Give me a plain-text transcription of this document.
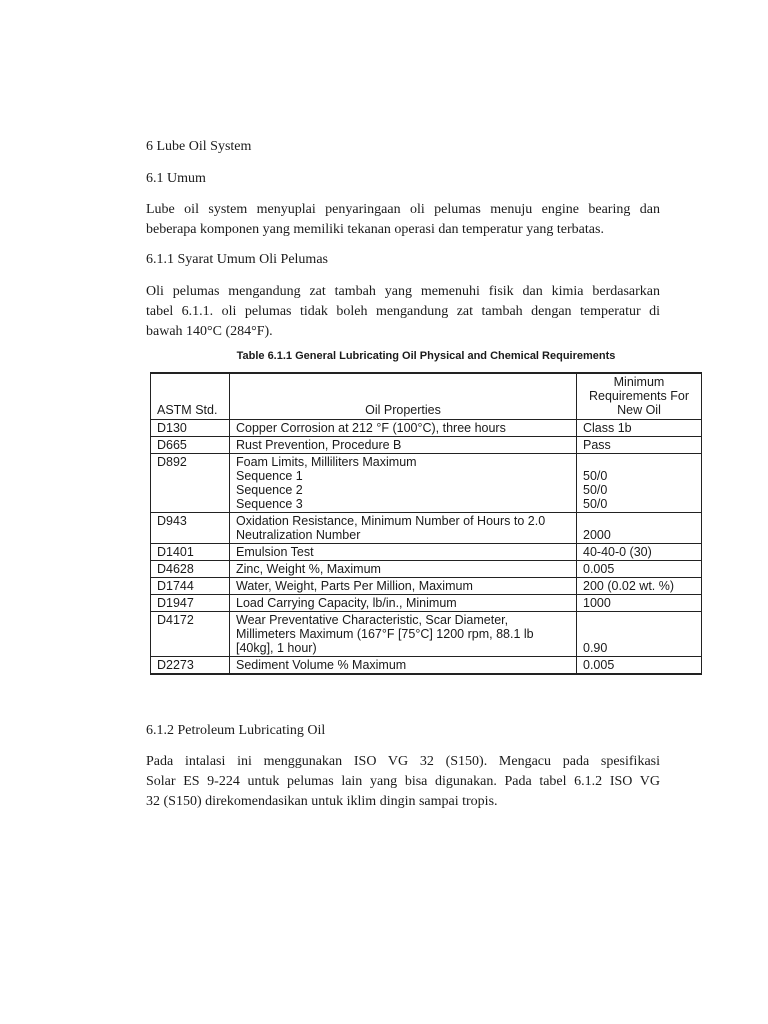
6 Lube Oil System
6.1 Umum
Lube oil system menyuplai penyaringaan oli pelumas menuju engine bearing dan
beberapa komponen yang memiliki tekanan operasi dan temperatur yang terbatas.
6.1.1 Syarat Umum Oli Pelumas
Oli pelumas mengandung zat tambah yang memenuhi fisik dan kimia berdasarkan
tabel 6.1.1. oli pelumas tidak boleh mengandung zat tambah dengan temperatur di
bawah 140°C (284°F).
Table 6.1.1 General Lubricating Oil Physical and Chemical Requirements
ASTM Std.	Oil Properties	Minimum
Requirements For
New Oil

D130	Copper Corrosion at 212 °F (100°C), three hours	Class 1b

D665	Rust Prevention, Procedure B	Pass

D892	Foam Limits, Milliliters Maximum
Sequence 1
Sequence 2
Sequence 3	50/0
50/0
50/0

D943	Oxidation Resistance, Minimum Number of Hours to 2.0
Neutralization Number	2000

D1401	Emulsion Test	40-40-0 (30)

D4628	Zinc, Weight %, Maximum	0.005

D1744	Water, Weight, Parts Per Million, Maximum	200 (0.02 wt. %)

D1947	Load Carrying Capacity, lb/in., Minimum	1000

D4172	Wear Preventative Characteristic, Scar Diameter,
Millimeters Maximum (167°F [75°C] 1200 rpm, 88.1 lb
[40kg], 1 hour)	0.90

D2273	Sediment Volume % Maximum	0.005
6.1.2 Petroleum Lubricating Oil
Pada intalasi ini menggunakan ISO VG 32 (S150). Mengacu pada spesifikasi
Solar ES 9-224 untuk pelumas lain yang bisa digunakan. Pada tabel 6.1.2 ISO VG
32 (S150) direkomendasikan untuk iklim dingin sampai tropis.
